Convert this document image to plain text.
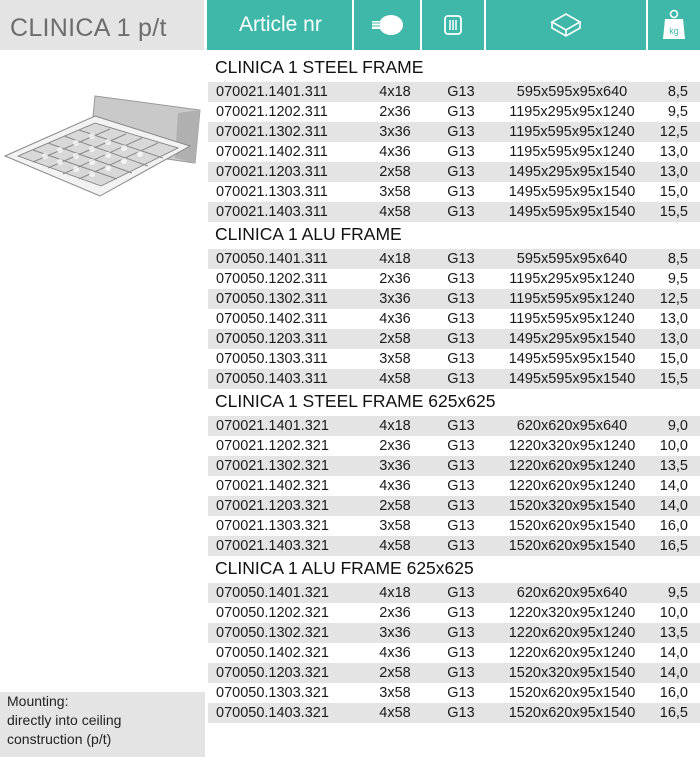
CLINICA 1 p/t	Article nr	kg
Mounting:
directly into ceiling
construction (p/t)
CLINICA 1 STEEL FRAME
070021.1401.311	4x18	G13	595x595x95x640	8,5
070021.1202.311	2x36	G13	1195x295x95x1240	9,5
070021.1302.311	3x36	G13	1195x595x95x1240	12,5
070021.1402.311	4x36	G13	1195x595x95x1240	13,0
070021.1203.311	2x58	G13	1495x295x95x1540	13,0
070021.1303.311	3x58	G13	1495x595x95x1540	15,0
070021.1403.311	4x58	G13	1495x595x95x1540	15,5
CLINICA 1 ALU FRAME
070050.1401.311	4x18	G13	595x595x95x640	8,5
070050.1202.311	2x36	G13	1195x295x95x1240	9,5
070050.1302.311	3x36	G13	1195x595x95x1240	12,5
070050.1402.311	4x36	G13	1195x595x95x1240	13,0
070050.1203.311	2x58	G13	1495x295x95x1540	13,0
070050.1303.311	3x58	G13	1495x595x95x1540	15,0
070050.1403.311	4x58	G13	1495x595x95x1540	15,5
CLINICA 1 STEEL FRAME 625x625
070021.1401.321	4x18	G13	620x620x95x640	9,0
070021.1202.321	2x36	G13	1220x320x95x1240	10,0
070021.1302.321	3x36	G13	1220x620x95x1240	13,5
070021.1402.321	4x36	G13	1220x620x95x1240	14,0
070021.1203.321	2x58	G13	1520x320x95x1540	14,0
070021.1303.321	3x58	G13	1520x620x95x1540	16,0
070021.1403.321	4x58	G13	1520x620x95x1540	16,5
CLINICA 1 ALU FRAME 625x625
070050.1401.321	4x18	G13	620x620x95x640	9,5
070050.1202.321	2x36	G13	1220x320x95x1240	10,0
070050.1302.321	3x36	G13	1220x620x95x1240	13,5
070050.1402.321	4x36	G13	1220x620x95x1240	14,0
070050.1203.321	2x58	G13	1520x320x95x1540	14,0
070050.1303.321	3x58	G13	1520x620x95x1540	16,0
070050.1403.321	4x58	G13	1520x620x95x1540	16,5
